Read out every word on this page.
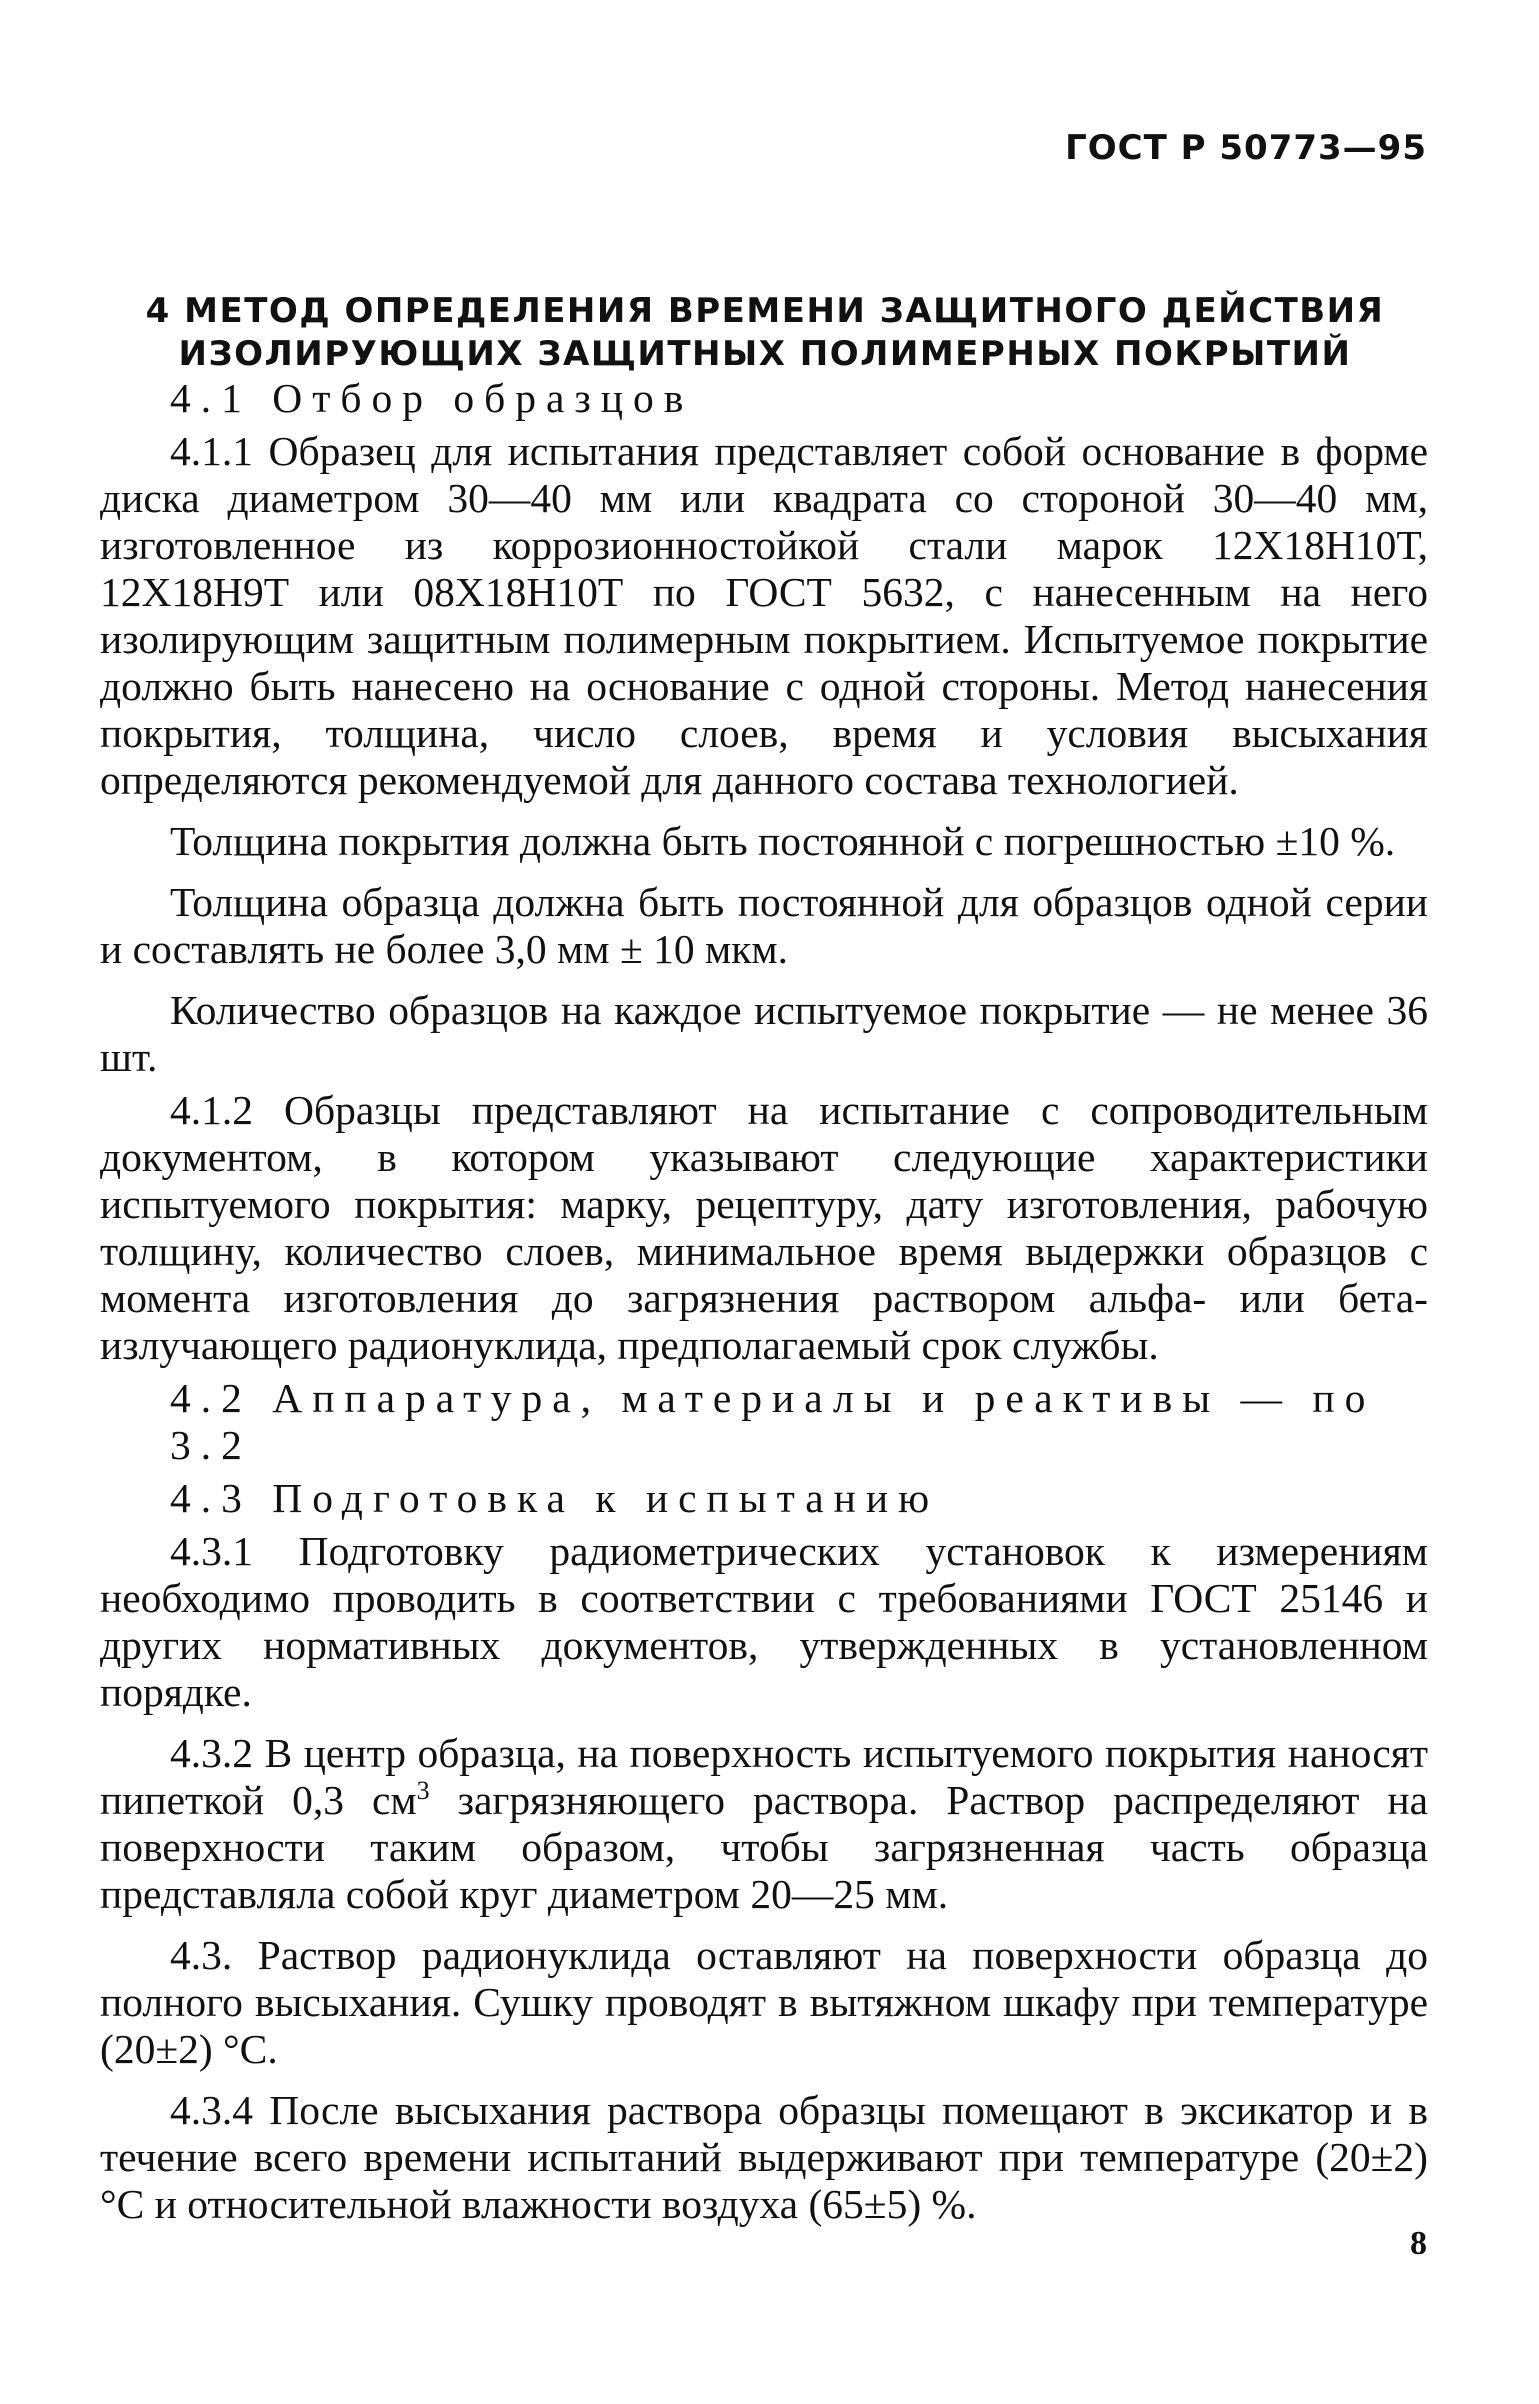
ГОСТ Р 50773—95
4 МЕТОД ОПРЕДЕЛЕНИЯ ВРЕМЕНИ ЗАЩИТНОГО ДЕЙСТВИЯ
ИЗОЛИРУЮЩИХ ЗАЩИТНЫХ ПОЛИМЕРНЫХ ПОКРЫТИЙ

4.1 Отбор образцов

4.1.1 Образец для испытания представляет собой основание в форме диска диаметром 30—40 мм или квадрата со стороной 30—40 мм, изготовленное из коррозионностойкой стали марок 12Х18Н10Т, 12Х18Н9Т или 08Х18Н10Т по ГОСТ 5632, с нанесенным на него изолирующим защитным полимерным покрытием. Испытуемое покрытие должно быть нанесено на основание с одной стороны. Метод нанесения покрытия, толщина, число слоев, время и условия высыхания определяются рекомендуемой для данного состава технологией.

Толщина покрытия должна быть постоянной с погрешностью ±10 %.

Толщина образца должна быть постоянной для образцов одной серии и составлять не более 3,0 мм ± 10 мкм.

Количество образцов на каждое испытуемое покрытие — не менее 36 шт.

4.1.2 Образцы представляют на испытание с сопроводительным документом, в котором указывают следующие характеристики испытуемого покрытия: марку, рецептуру, дату изготовления, рабочую толщину, количество слоев, минимальное время выдержки образцов с момента изготовления до загрязнения раствором альфа- или бета-излучающего радионуклида, предполагаемый срок службы.

4.2 Аппаратура, материалы и реактивы — по 3.2

4.3 Подготовка к испытанию

4.3.1 Подготовку радиометрических установок к измерениям необходимо проводить в соответствии с требованиями ГОСТ 25146 и других нормативных документов, утвержденных в установленном порядке.

4.3.2 В центр образца, на поверхность испытуемого покрытия наносят пипеткой 0,3 $см^3$ загрязняющего раствора. Раствор распределяют на поверхности таким образом, чтобы загрязненная часть образца представляла собой круг диаметром 20—25 мм.

4.3. Раствор радионуклида оставляют на поверхности образца до полного высыхания. Сушку проводят в вытяжном шкафу при температуре (20±2) °С.

4.3.4 После высыхания раствора образцы помещают в эксикатор и в течение всего времени испытаний выдерживают при температуре (20±2) °С и относительной влажности воздуха (65±5) %.

8
